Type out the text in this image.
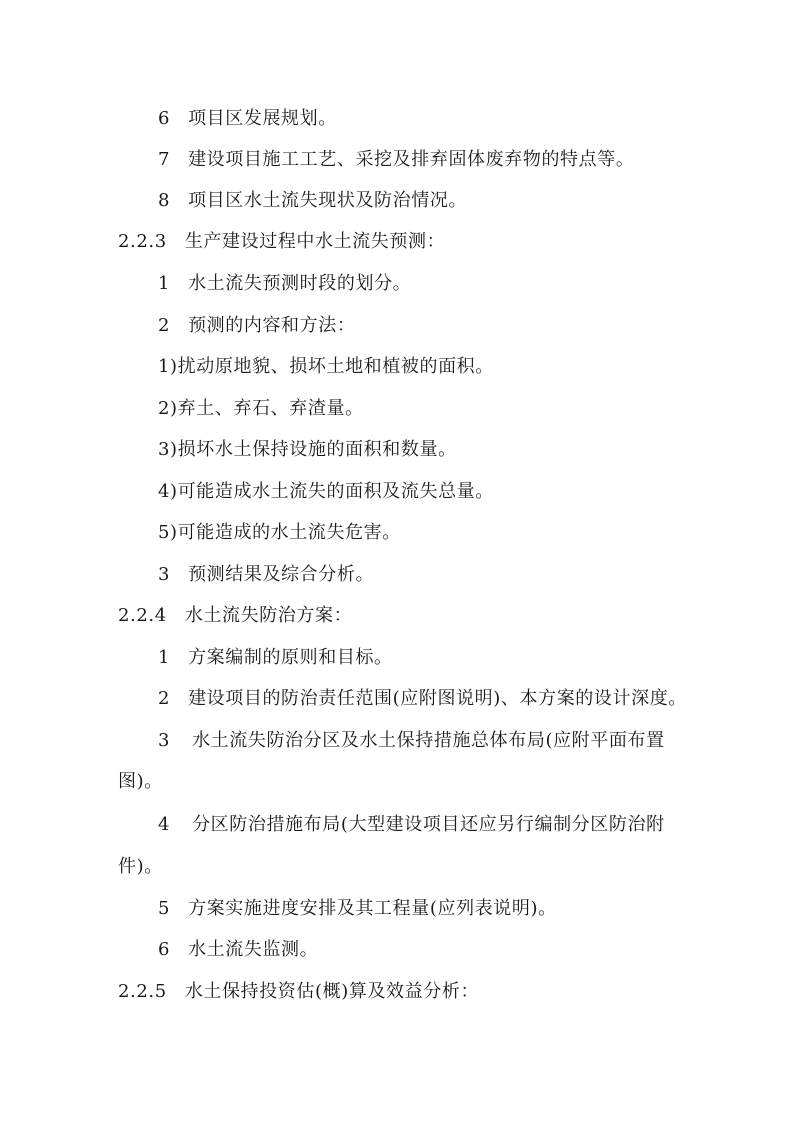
6 项目区发展规划。
7 建设项目施工工艺、采挖及排弃固体废弃物的特点等。
8 项目区水土流失现状及防治情况。
2.2.3 生产建设过程中水土流失预测：
1 水土流失预测时段的划分。
2 预测的内容和方法：
1)扰动原地貌、损坏土地和植被的面积。
2)弃土、弃石、弃渣量。
3)损坏水土保持设施的面积和数量。
4)可能造成水土流失的面积及流失总量。
5)可能造成的水土流失危害。
3 预测结果及综合分析。
2.2.4 水土流失防治方案：
1 方案编制的原则和目标。
2 建设项目的防治责任范围(应附图说明)、本方案的设计深度。
3 水土流失防治分区及水土保持措施总体布局(应附平面布置
图)。
4 分区防治措施布局(大型建设项目还应另行编制分区防治附
件)。
5 方案实施进度安排及其工程量(应列表说明)。
6 水土流失监测。
2.2.5 水土保持投资估(概)算及效益分析：
